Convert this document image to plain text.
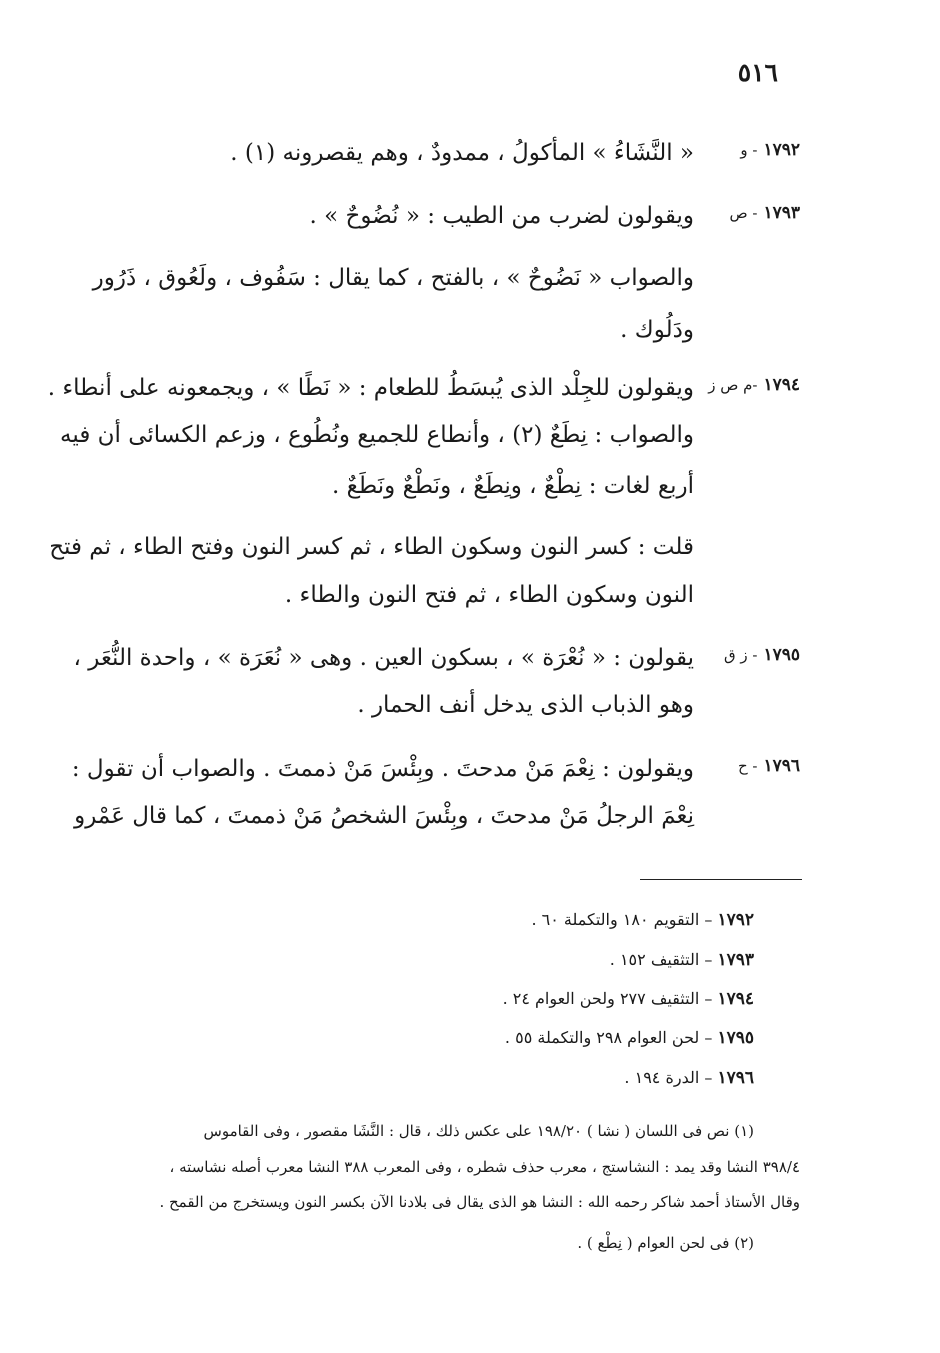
٥١٦
١٧٩٢
- و
« النَّشَاءُ » المأكولُ ، ممدودٌ ، وهم يقصرونه (١) .
١٧٩٣
- ص
ويقولون لضرب من الطيب : « نُضُوحٌ » .
والصواب « نَضُوحٌ » ، بالفتح ، كما يقال : سَفُوف ، ولَعُوق ، ذَرُور
ودَلُوك .
١٧٩٤
-م ص ز
ويقولون للجِلْد الذى يُبسَطُ للطعام : « نَطًا » ، ويجمعونه على أنطاء .
والصواب : نِطَعٌ (٢) ، وأنطاع للجميع ونُطُوع ، وزعم الكسائى أن فيه
أربع لغات : نِطْعٌ ، ونِطَعٌ ، ونَطْعٌ ونَطَعٌ .
قلت : كسر النون وسكون الطاء ، ثم كسر النون وفتح الطاء ، ثم فتح
النون وسكون الطاء ، ثم فتح النون والطاء .
١٧٩٥
- ز ق
يقولون : « نُعْرَة » ، بسكون العين . وهى « نُعَرَة » ، واحدة النُّعَر ،
وهو الذباب الذى يدخل أنف الحمار .
١٧٩٦
- ح
ويقولون : نِعْمَ مَنْ مدحتَ . وبِئْسَ مَنْ ذممتَ . والصواب أن تقول :
نِعْمَ الرجلُ مَنْ مدحتَ ، وبِئْسَ الشخصُ مَنْ ذممتَ ، كما قال عَمْرو
١٧٩٢ – التقويم ١٨٠ والتكملة ٦٠ .
١٧٩٣ – التثقيف ١٥٢ .
١٧٩٤ – التثقيف ٢٧٧ ولحن العوام ٢٤ .
١٧٩٥ – لحن العوام ٢٩٨ والتكملة ٥٥ .
١٧٩٦ – الدرة ١٩٤ .
(١) نص فى اللسان ( نشا ) ١٩٨/٢٠ على عكس ذلك ، قال : النَّشَا مقصور ، وفى القاموس
٣٩٨/٤ النشا وقد يمد : النشاستج ، معرب حذف شطره ، وفى المعرب ٣٨٨ النشا معرب أصله نشاسته ،
وقال الأستاذ أحمد شاكر رحمه الله : النشا هو الذى يقال فى بلادنا الآن بكسر النون ويستخرج من القمح .
(٢) فى لحن العوام ( نِطْع ) .
